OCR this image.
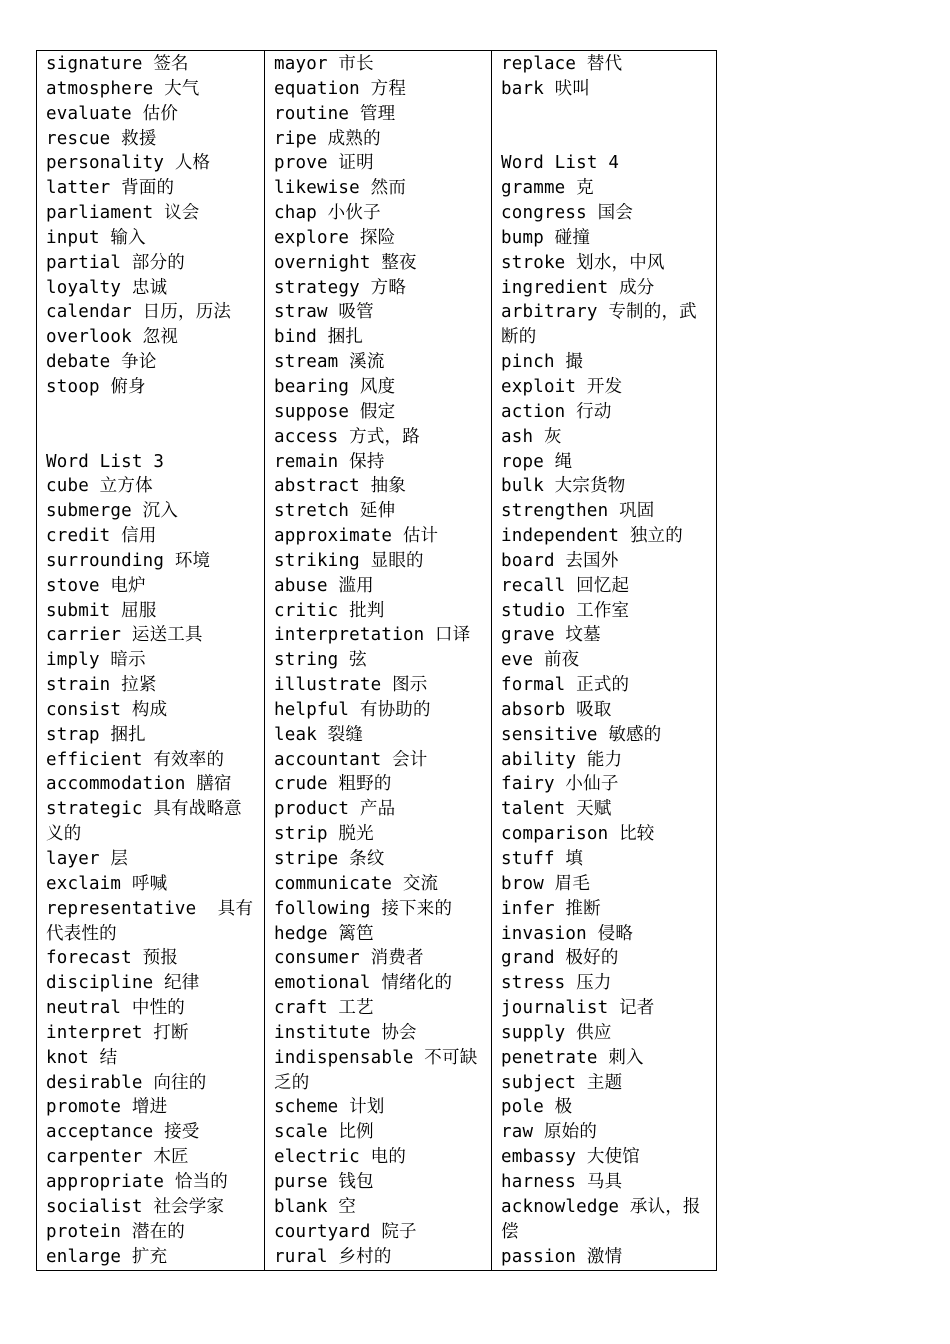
signature 签名
atmosphere 大气
evaluate 估价
rescue 救援
personality 人格
latter 背面的
parliament 议会
input 输入
partial 部分的
loyalty 忠诚
calendar 日历，历法
overlook 忽视
debate 争论
stoop 俯身
Word List 3
cube 立方体
submerge 沉入
credit 信用
surrounding 环境
stove 电炉
submit 屈服
carrier 运送工具
imply 暗示
strain 拉紧
consist 构成
strap 捆扎
efficient 有效率的
accommodation 膳宿
strategic 具有战略意
义的
layer 层
exclaim 呼喊
representative  具有
代表性的
forecast 预报
discipline 纪律
neutral 中性的
interpret 打断
knot 结
desirable 向往的
promote 增进
acceptance 接受
carpenter 木匠
appropriate 恰当的
socialist 社会学家
protein 潜在的
enlarge 扩充
mayor 市长
equation 方程
routine 管理
ripe 成熟的
prove 证明
likewise 然而
chap 小伙子
explore 探险
overnight 整夜
strategy 方略
straw 吸管
bind 捆扎
stream 溪流
bearing 风度
suppose 假定
access 方式，路
remain 保持
abstract 抽象
stretch 延伸
approximate 估计
striking 显眼的
abuse 滥用
critic 批判
interpretation 口译
string 弦
illustrate 图示
helpful 有协助的
leak 裂缝
accountant 会计
crude 粗野的
product 产品
strip 脱光
stripe 条纹
communicate 交流
following 接下来的
hedge 篱笆
consumer 消费者
emotional 情绪化的
craft 工艺
institute 协会
indispensable 不可缺
乏的
scheme 计划
scale 比例
electric 电的
purse 钱包
blank 空
courtyard 院子
rural 乡村的
replace 替代
bark 吠叫
Word List 4
gramme 克
congress 国会
bump 碰撞
stroke 划水，中风
ingredient 成分
arbitrary 专制的，武
断的
pinch 撮
exploit 开发
action 行动
ash 灰
rope 绳
bulk 大宗货物
strengthen 巩固
independent 独立的
board 去国外
recall 回忆起
studio 工作室
grave 坟墓
eve 前夜
formal 正式的
absorb 吸取
sensitive 敏感的
ability 能力
fairy 小仙子
talent 天赋
comparison 比较
stuff 填
brow 眉毛
infer 推断
invasion 侵略
grand 极好的
stress 压力
journalist 记者
supply 供应
penetrate 刺入
subject 主题
pole 极
raw 原始的
embassy 大使馆
harness 马具
acknowledge 承认，报
偿
passion 激情
